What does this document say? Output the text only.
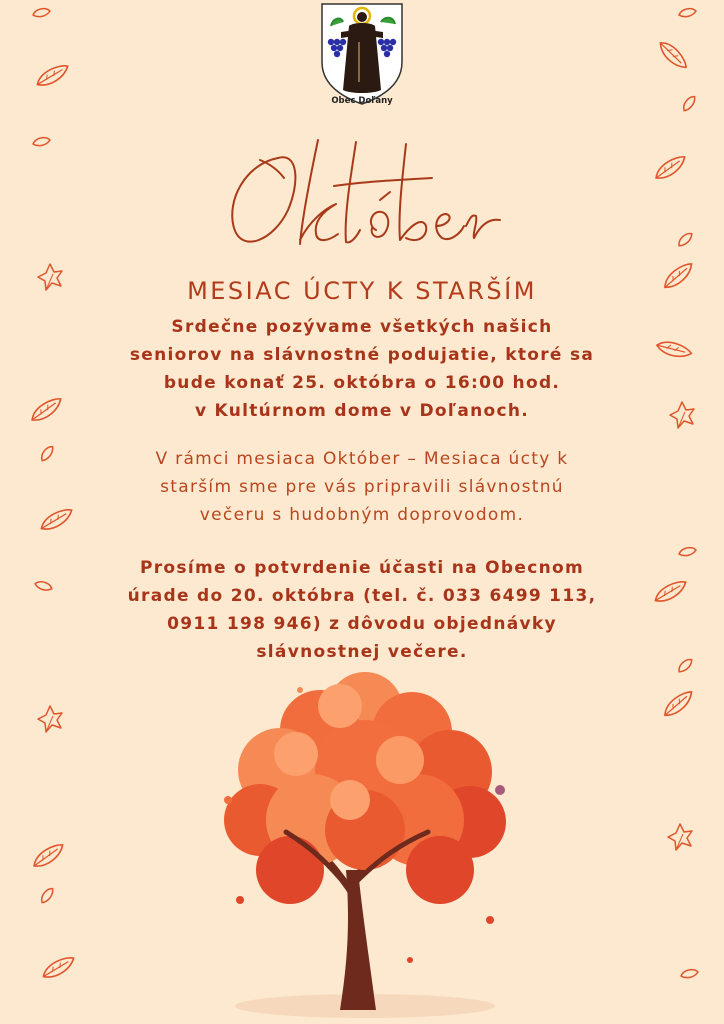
Obec Doľany
MESIAC ÚCTY K STARŠÍM

Srdečne pozývame všetkých našich
seniorov na slávnostné podujatie, ktoré sa
bude konať 25. októbra o 16:00 hod.
v Kultúrnom dome v Doľanoch.

V rámci mesiaca Október – Mesiaca úcty k
starším sme pre vás pripravili slávnostnú
večeru s hudobným doprovodom.

Prosíme o potvrdenie účasti na Obecnom
úrade do 20. októbra (tel. č. 033 6499 113,
0911 198 946) z dôvodu objednávky
slávnostnej večere.
